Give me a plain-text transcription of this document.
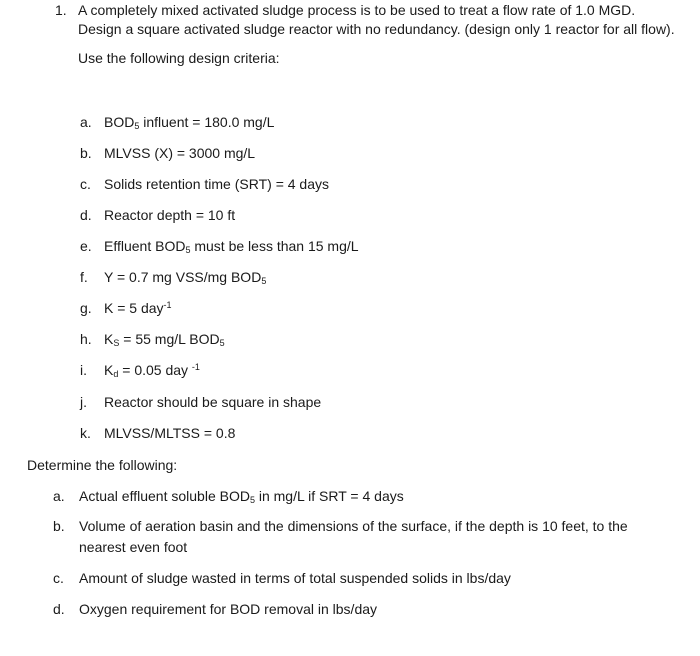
1. A completely mixed activated sludge process is to be used to treat a flow rate of 1.0 MGD.
Design a square activated sludge reactor with no redundancy. (design only 1 reactor for all flow).
Use the following design criteria:
a. $BOD_5$ influent = 180.0 mg/L
b. MLVSS (X) = 3000 mg/L
c. Solids retention time (SRT) = 4 days
d. Reactor depth = 10 ft
e. Effluent $BOD_5$ must be less than 15 mg/L
f. Y = 0.7 mg VSS/mg $BOD_5$
g. K = 5 day$^{-1}$
h. $K_S = 55$ mg/L $BOD_5$
i. $K_d = 0.05$ day $^{-1}$
j. Reactor should be square in shape
k. MLVSS/MLTSS = 0.8
Determine the following:
a. Actual effluent soluble $BOD_5$ in mg/L if SRT = 4 days
b. Volume of aeration basin and the dimensions of the surface, if the depth is 10 feet, to the
nearest even foot
c. Amount of sludge wasted in terms of total suspended solids in lbs/day
d. Oxygen requirement for BOD removal in lbs/day
